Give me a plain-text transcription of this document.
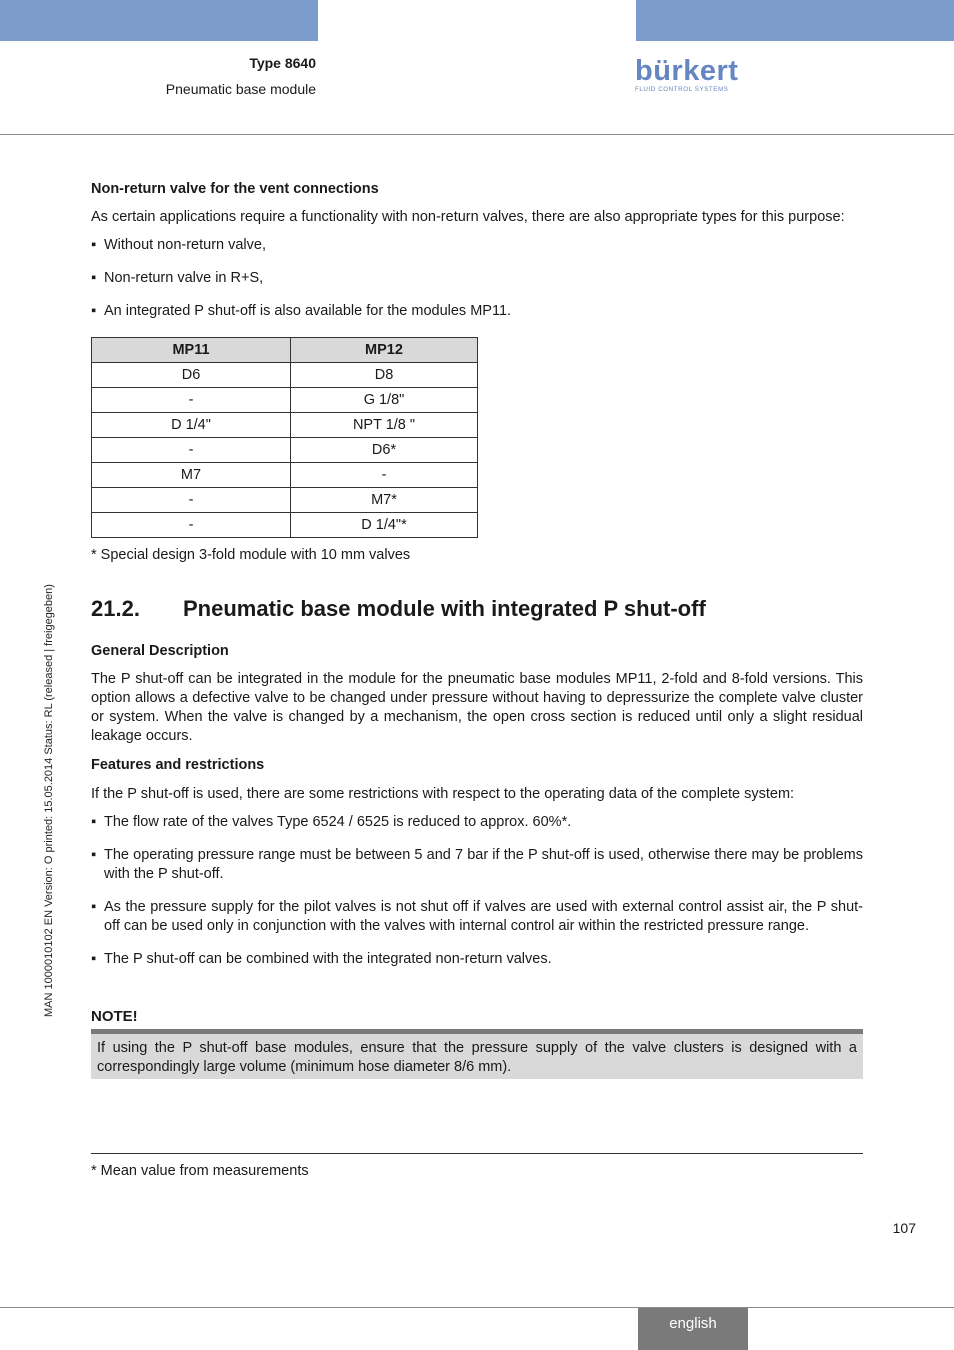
Type 8640
Pneumatic base module
bürkert
FLUID CONTROL SYSTEMS
MAN 1000010102 EN Version: O printed: 15.05.2014 Status: RL (released | freigegeben)
Non-return valve for the vent connections
As certain applications require a functionality with non-return valves, there are also appropriate types for this purpose:
▪ Without non-return valve,
▪ Non-return valve in R+S,
▪ An integrated P shut-off is also available for the modules MP11.
MP11	MP12
D6	D8
-	G 1/8"
D 1/4"	NPT 1/8 "
-	D6*
M7	-
-	M7*
-	D 1/4"*
* Special design 3-fold module with 10 mm valves
21.2. Pneumatic base module with integrated P shut-off
General Description
The P shut-off can be integrated in the module for the pneumatic base modules MP11, 2-fold and 8-fold versions. This option allows a defective valve to be changed under pressure without having to depressurize the complete valve cluster or system. When the valve is changed by a mechanism, the open cross section is reduced until only a slight residual leakage occurs.
Features and restrictions
If the P shut-off is used, there are some restrictions with respect to the operating data of the complete system:
▪ The flow rate of the valves Type 6524 / 6525 is reduced to approx. 60%*.
▪ The operating pressure range must be between 5 and 7 bar if the P shut-off is used, otherwise there may be problems with the P shut-off.
▪ As the pressure supply for the pilot valves is not shut off if valves are used with external control assist air, the P shut-off can be used only in conjunction with the valves with internal control air within the restricted pressure range.
▪ The P shut-off can be combined with the integrated non-return valves.
NOTE!
If using the P shut-off base modules, ensure that the pressure supply of the valve clusters is designed with a correspondingly large volume (minimum hose diameter 8/6 mm).
* Mean value from measurements
107
english
